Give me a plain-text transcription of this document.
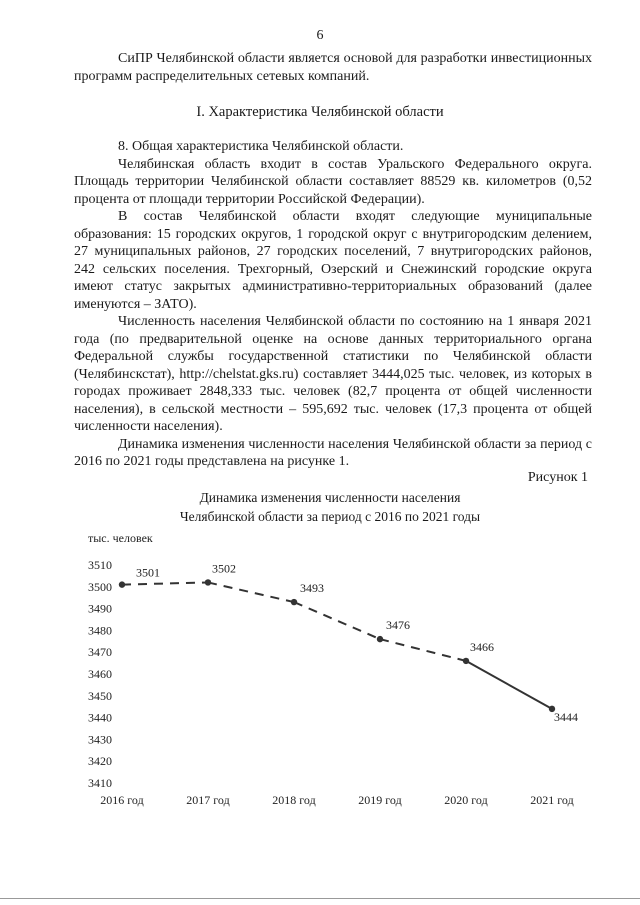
6

СиПР Челябинской области является основой для разработки инвестиционных программ распределительных сетевых компаний.

I. Характеристика Челябинской области

8. Общая характеристика Челябинской области.

Челябинская область входит в состав Уральского Федерального округа. Площадь территории Челябинской области составляет 88529 кв. километров (0,52 процента от площади территории Российской Федерации).

В состав Челябинской области входят следующие муниципальные образования: 15 городских округов, 1 городской округ с внутригородским делением, 27 муниципальных районов, 27 городских поселений, 7 внутригородских районов, 242 сельских поселения. Трехгорный, Озерский и Снежинский городские округа имеют статус закрытых административно-территориальных образований (далее именуются – ЗАТО).

Численность населения Челябинской области по состоянию на 1 января 2021 года (по предварительной оценке на основе данных территориального органа Федеральной службы государственной статистики по Челябинской области (Челябинскстат), http://chelstat.gks.ru) составляет 3444,025 тыс. человек, из которых в городах проживает 2848,333 тыс. человек (82,7 процента от общей численности населения), в сельской местности – 595,692 тыс. человек (17,3 процента от общей численности населения).

Динамика изменения численности населения Челябинской области за период с 2016 по 2021 годы представлена на рисунке 1.

Рисунок 1
Динамика изменения численности населения
Челябинской области за период с 2016 по 2021 годы
тыс. человек
3510
3500
3490
3480
3470
3460
3450
3440
3430
3420
3410
2016 год	2017 год	2018 год	2019 год	2020 год	2021 год
3501	3502
3493
3476
3466
3444
